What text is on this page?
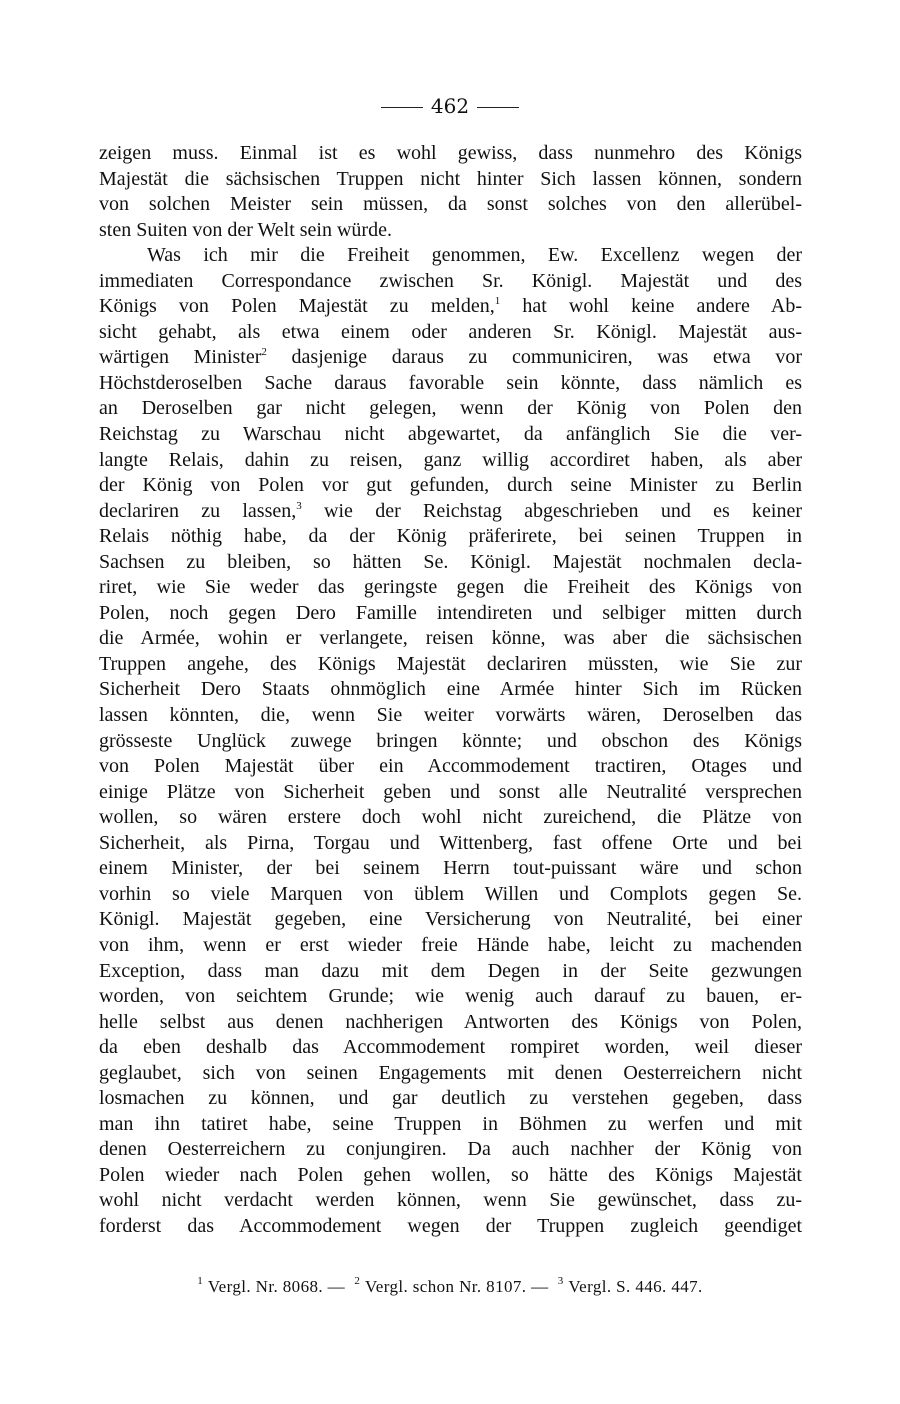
462
zeigen muss. Einmal ist es wohl gewiss, dass nunmehro des Königs
Majestät die sächsischen Truppen nicht hinter Sich lassen können, sondern
von solchen Meister sein müssen, da sonst solches von den allerübel-
sten Suiten von der Welt sein würde.
Was ich mir die Freiheit genommen, Ew. Excellenz wegen der
immediaten Correspondance zwischen Sr. Königl. Majestät und des
Königs von Polen Majestät zu melden,$^1$ hat wohl keine andere Ab-
sicht gehabt, als etwa einem oder anderen Sr. Königl. Majestät aus-
wärtigen Minister$^2$ dasjenige daraus zu communiciren, was etwa vor
Höchstderoselben Sache daraus favorable sein könnte, dass nämlich es
an Deroselben gar nicht gelegen, wenn der König von Polen den
Reichstag zu Warschau nicht abgewartet, da anfänglich Sie die ver-
langte Relais, dahin zu reisen, ganz willig accordiret haben, als aber
der König von Polen vor gut gefunden, durch seine Minister zu Berlin
declariren zu lassen,$^3$ wie der Reichstag abgeschrieben und es keiner
Relais nöthig habe, da der König präferirete, bei seinen Truppen in
Sachsen zu bleiben, so hätten Se. Königl. Majestät nochmalen decla-
riret, wie Sie weder das geringste gegen die Freiheit des Königs von
Polen, noch gegen Dero Famille intendireten und selbiger mitten durch
die Armée, wohin er verlangete, reisen könne, was aber die sächsischen
Truppen angehe, des Königs Majestät declariren müssten, wie Sie zur
Sicherheit Dero Staats ohnmöglich eine Armée hinter Sich im Rücken
lassen könnten, die, wenn Sie weiter vorwärts wären, Deroselben das
grösseste Unglück zuwege bringen könnte; und obschon des Königs
von Polen Majestät über ein Accommodement tractiren, Otages und
einige Plätze von Sicherheit geben und sonst alle Neutralité versprechen
wollen, so wären erstere doch wohl nicht zureichend, die Plätze von
Sicherheit, als Pirna, Torgau und Wittenberg, fast offene Orte und bei
einem Minister, der bei seinem Herrn tout-puissant wäre und schon
vorhin so viele Marquen von üblem Willen und Complots gegen Se.
Königl. Majestät gegeben, eine Versicherung von Neutralité, bei einer
von ihm, wenn er erst wieder freie Hände habe, leicht zu machenden
Exception, dass man dazu mit dem Degen in der Seite gezwungen
worden, von seichtem Grunde; wie wenig auch darauf zu bauen, er-
helle selbst aus denen nachherigen Antworten des Königs von Polen,
da eben deshalb das Accommodement rompiret worden, weil dieser
geglaubet, sich von seinen Engagements mit denen Oesterreichern nicht
losmachen zu können, und gar deutlich zu verstehen gegeben, dass
man ihn tatiret habe, seine Truppen in Böhmen zu werfen und mit
denen Oesterreichern zu conjungiren. Da auch nachher der König von
Polen wieder nach Polen gehen wollen, so hätte des Königs Majestät
wohl nicht verdacht werden können, wenn Sie gewünschet, dass zu-
forderst das Accommodement wegen der Truppen zugleich geendiget
$^1$ Vergl. Nr. 8068. — $^2$ Vergl. schon Nr. 8107. — $^3$ Vergl. S. 446. 447.
